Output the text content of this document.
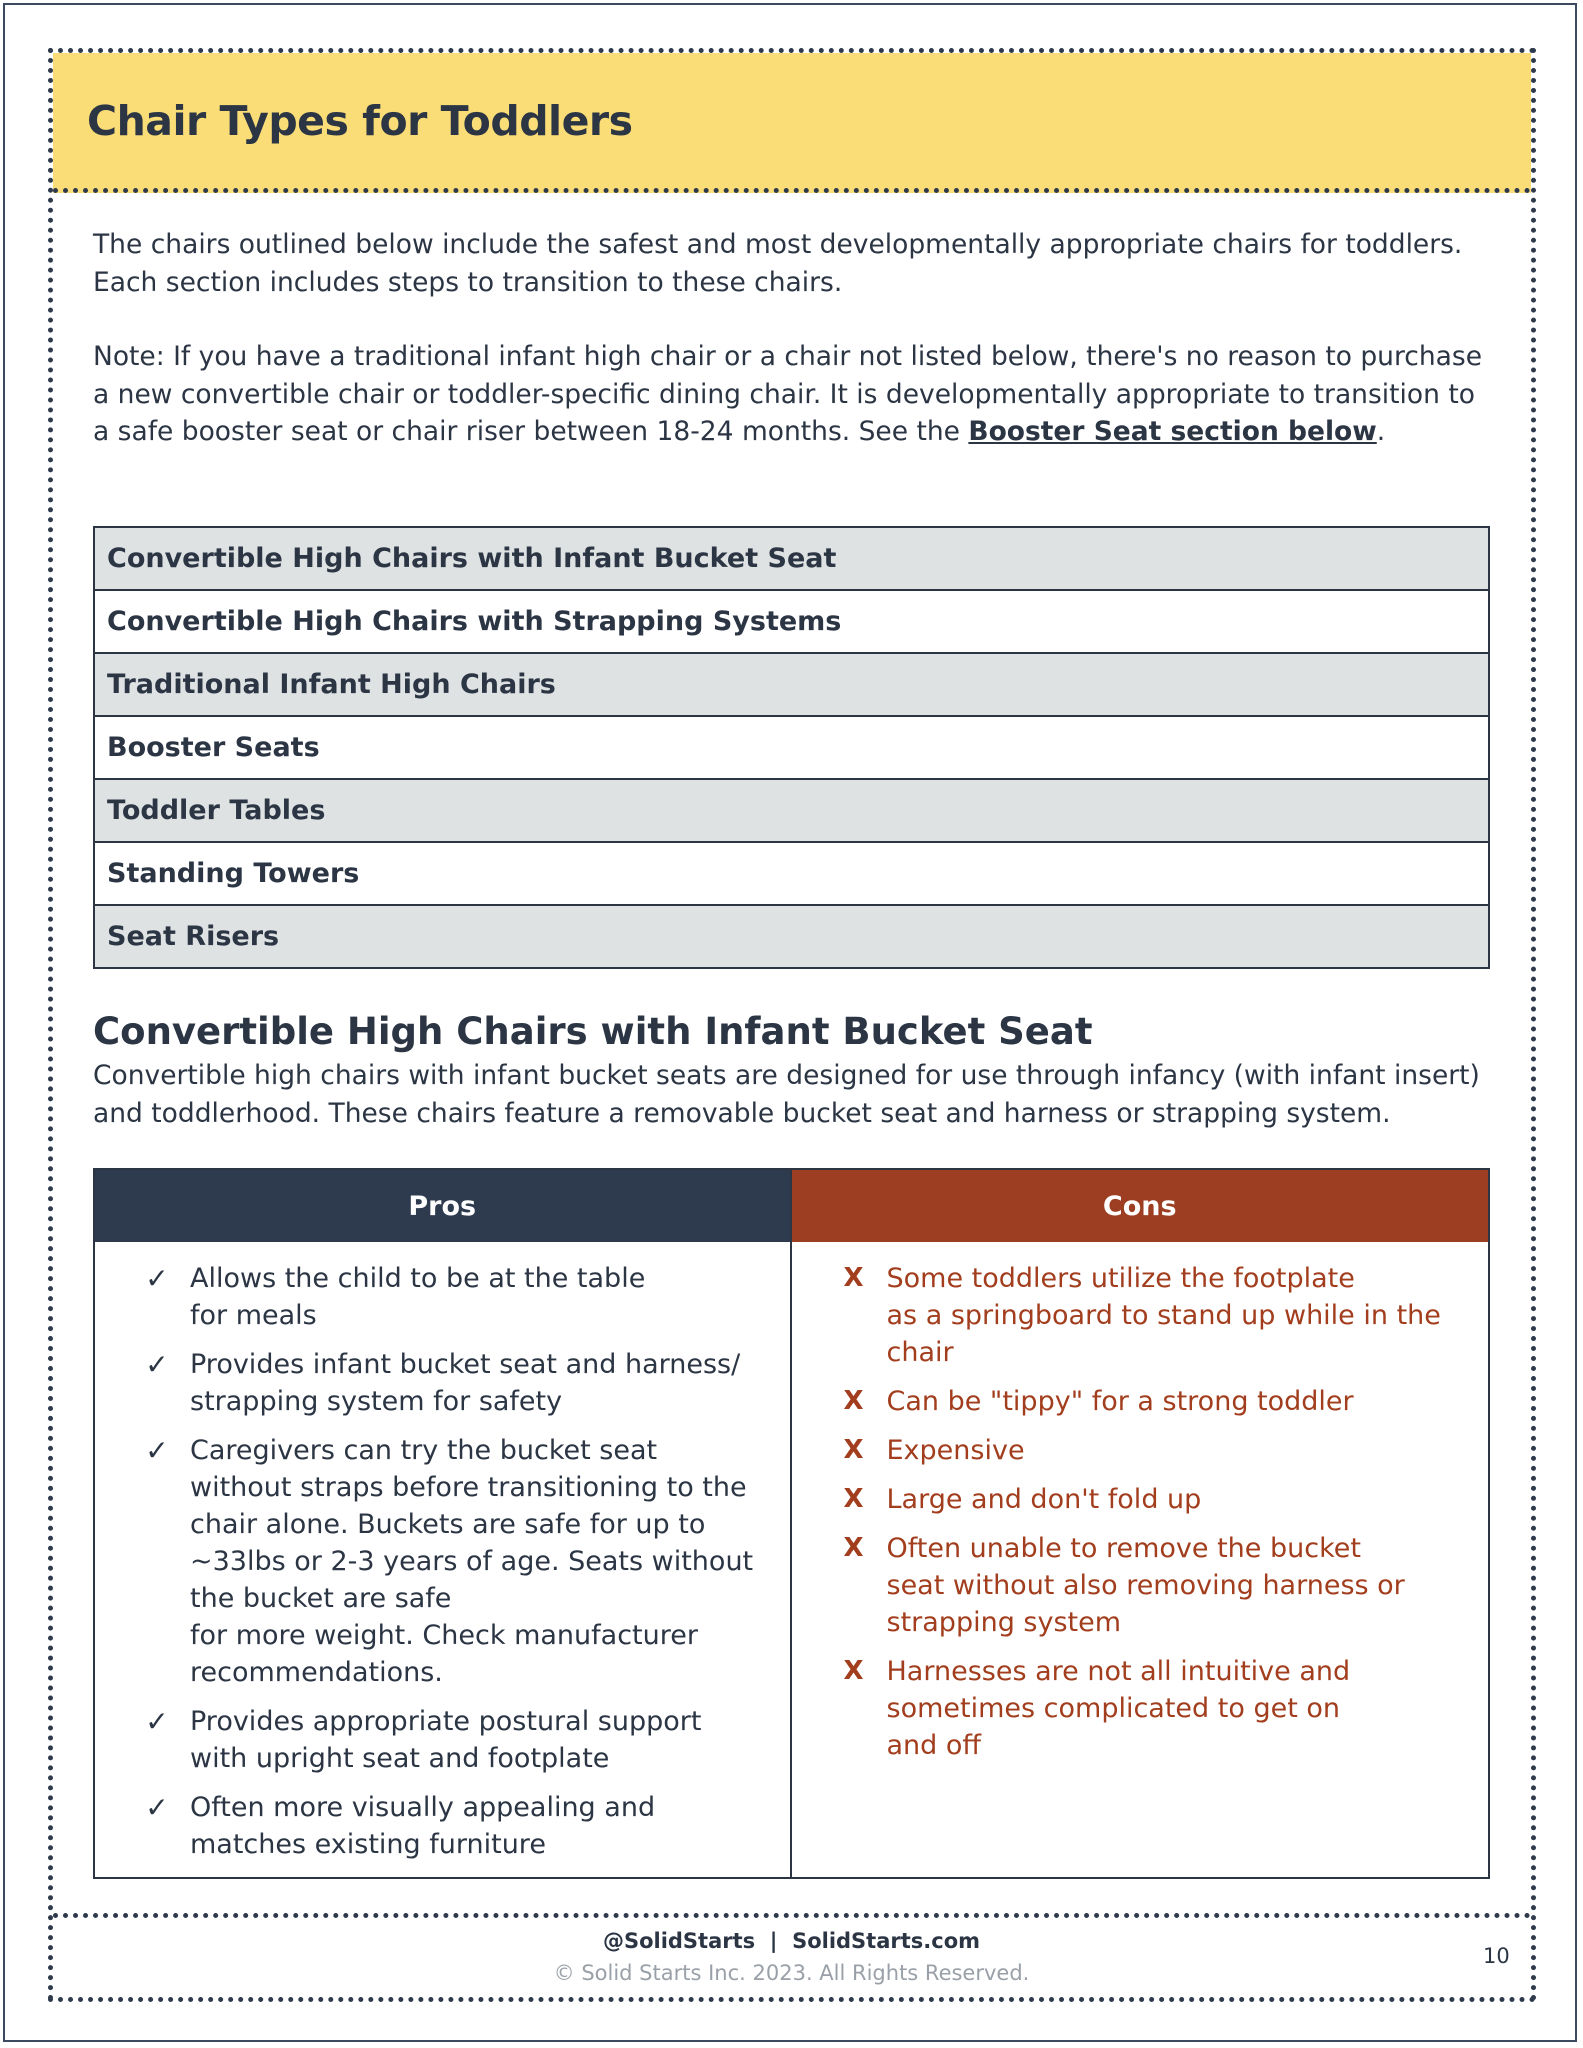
Chair Types for Toddlers

The chairs outlined below include the safest and most developmentally appropriate chairs for toddlers. Each section includes steps to transition to these chairs.

Note: If you have a traditional infant high chair or a chair not listed below, there's no reason to purchase a new convertible chair or toddler-specific dining chair. It is developmentally appropriate to transition to a safe booster seat or chair riser between 18-24 months. See the Booster Seat section below.

Convertible High Chairs with Infant Bucket Seat
Convertible High Chairs with Strapping Systems
Traditional Infant High Chairs
Booster Seats
Toddler Tables
Standing Towers
Seat Risers
Convertible High Chairs with Infant Bucket Seat

Convertible high chairs with infant bucket seats are designed for use through infancy (with infant insert) and toddlerhood. These chairs feature a removable bucket seat and harness or strapping system.

Pros
✓ Allows the child to be at the table
for meals
✓ Provides infant bucket seat and harness/
strapping system for safety
✓ Caregivers can try the bucket seat
without straps before transitioning to the
chair alone. Buckets are safe for up to
~33lbs or 2-3 years of age. Seats without
the bucket are safe
for more weight. Check manufacturer
recommendations.
✓ Provides appropriate postural support
with upright seat and footplate
✓ Often more visually appealing and
matches existing furniture
Cons
X Some toddlers utilize the footplate
as a springboard to stand up while in the
chair
X Can be "tippy" for a strong toddler
X Expensive
X Large and don't fold up
X Often unable to remove the bucket
seat without also removing harness or
strapping system
X Harnesses are not all intuitive and
sometimes complicated to get on
and off
@SolidStarts  |  SolidStarts.com
© Solid Starts Inc. 2023. All Rights Reserved.
10
